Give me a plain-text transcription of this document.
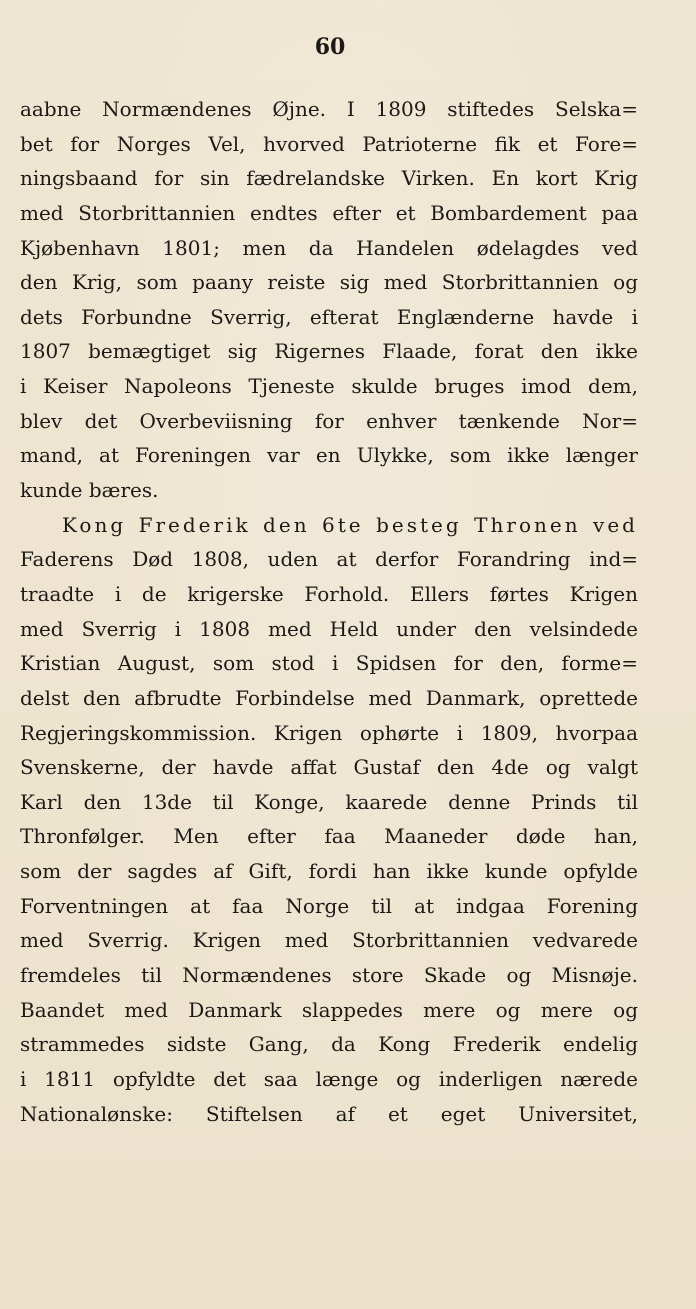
60
aabne Normændenes Øjne. I 1809 stiftedes Selska=
bet for Norges Vel, hvorved Patrioterne fik et Fore=
ningsbaand for sin fædrelandske Virken. En kort Krig
med Storbrittannien endtes efter et Bombardement paa
Kjøbenhavn 1801; men da Handelen ødelagdes ved
den Krig, som paany reiste sig med Storbrittannien og
dets Forbundne Sverrig, efterat Englænderne havde i
1807 bemægtiget sig Rigernes Flaade, forat den ikke
i Keiser Napoleons Tjeneste skulde bruges imod dem,
blev det Overbeviisning for enhver tænkende Nor=
mand, at Foreningen var en Ulykke, som ikke længer
kunde bæres.
Kong Frederik den 6te besteg Thronen ved
Faderens Død 1808, uden at derfor Forandring ind=
traadte i de krigerske Forhold. Ellers førtes Krigen
med Sverrig i 1808 med Held under den velsindede
Kristian August, som stod i Spidsen for den, forme=
delst den afbrudte Forbindelse med Danmark, oprettede
Regjeringskommission. Krigen ophørte i 1809, hvorpaa
Svenskerne, der havde affat Gustaf den 4de og valgt
Karl den 13de til Konge, kaarede denne Prinds til
Thronfølger. Men efter faa Maaneder døde han,
som der sagdes af Gift, fordi han ikke kunde opfylde
Forventningen at faa Norge til at indgaa Forening
med Sverrig. Krigen med Storbrittannien vedvarede
fremdeles til Normændenes store Skade og Misnøje.
Baandet med Danmark slappedes mere og mere og
strammedes sidste Gang, da Kong Frederik endelig
i 1811 opfyldte det saa længe og inderligen nærede
Nationalønske: Stiftelsen af et eget Universitet,
